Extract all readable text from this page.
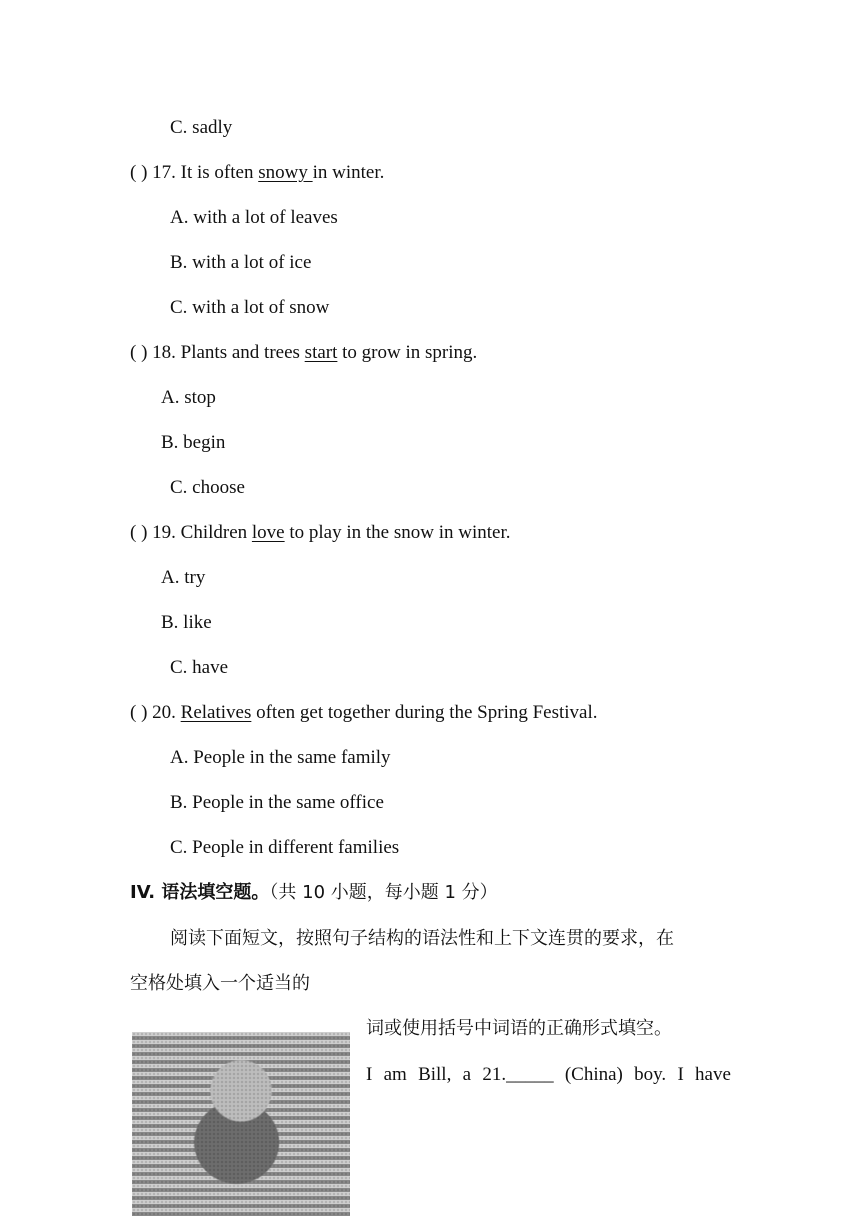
C. sadly
( ) 17. It is often snowy in winter.
A. with a lot of leaves
B. with a lot of ice
C. with a lot of snow
( ) 18. Plants and trees start to grow in spring.
A. stop
B. begin
C. choose
( ) 19. Children love to play in the snow in winter.
A. try
B. like
C. have
( ) 20. Relatives often get together during the Spring Festival.
A. People in the same family
B. People in the same office
C. People in different families
IV. 语法填空题。（共 10 小题，每小题 1 分）
阅读下面短文，按照句子结构的语法性和上下文连贯的要求，在
空格处填入一个适当的
词或使用括号中词语的正确形式填空。
I am Bill, a 21._____ (China) boy. I have
